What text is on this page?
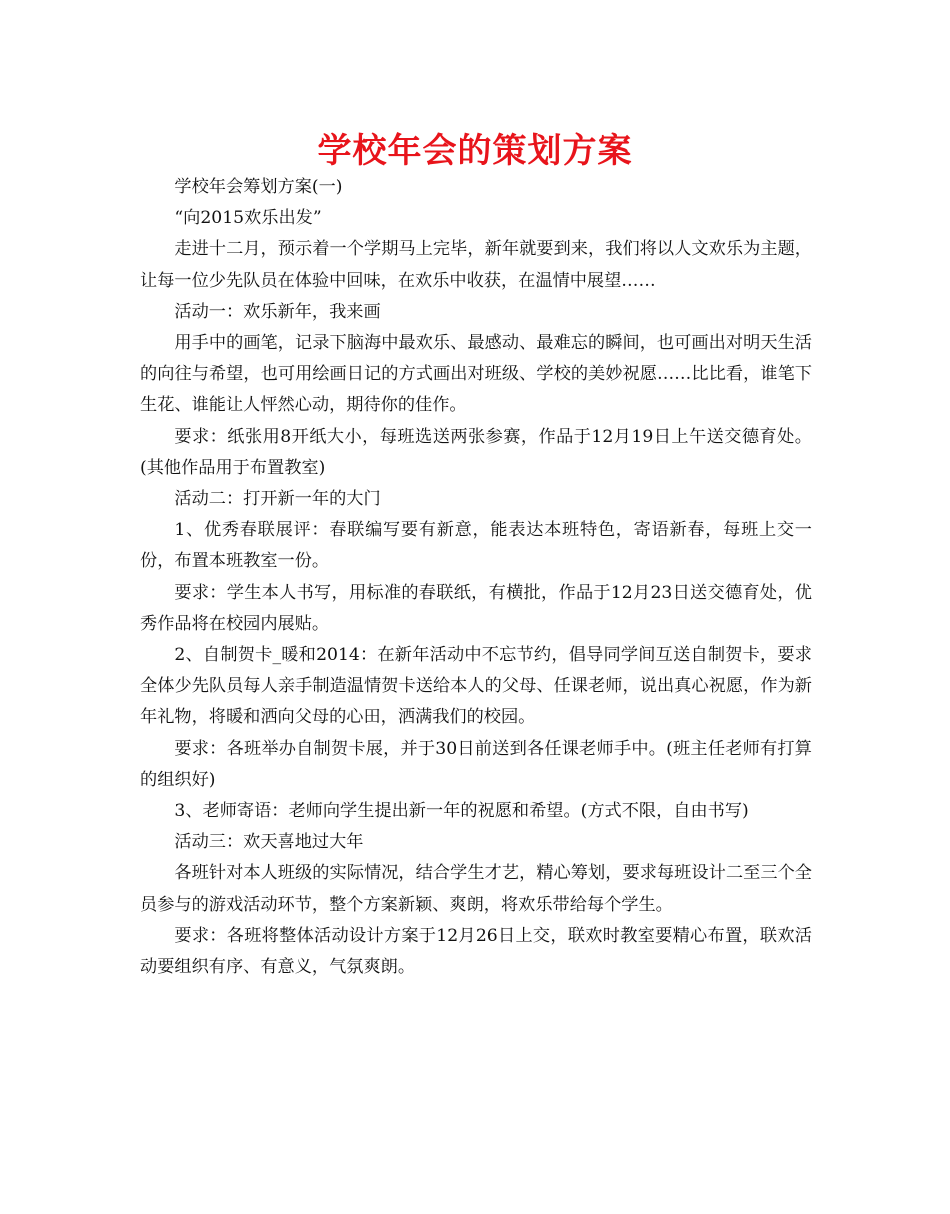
学校年会的策划方案

学校年会筹划方案(一)

“向2015欢乐出发”

走进十二月，预示着一个学期马上完毕，新年就要到来，我们将以人文欢乐为主题，让每一位少先队员在体验中回味，在欢乐中收获，在温情中展望……

活动一：欢乐新年，我来画

用手中的画笔，记录下脑海中最欢乐、最感动、最难忘的瞬间，也可画出对明天生活的向往与希望，也可用绘画日记的方式画出对班级、学校的美妙祝愿……比比看，谁笔下生花、谁能让人怦然心动，期待你的佳作。

要求：纸张用8开纸大小，每班选送两张参赛，作品于12月19日上午送交德育处。(其他作品用于布置教室)

活动二：打开新一年的大门

1、优秀春联展评：春联编写要有新意，能表达本班特色，寄语新春，每班上交一份，布置本班教室一份。

要求：学生本人书写，用标准的春联纸，有横批，作品于12月23日送交德育处，优秀作品将在校园内展贴。

2、自制贺卡_暖和2014：在新年活动中不忘节约，倡导同学间互送自制贺卡，要求全体少先队员每人亲手制造温情贺卡送给本人的父母、任课老师，说出真心祝愿，作为新年礼物，将暖和洒向父母的心田，洒满我们的校园。

要求：各班举办自制贺卡展，并于30日前送到各任课老师手中。(班主任老师有打算的组织好)

3、老师寄语：老师向学生提出新一年的祝愿和希望。(方式不限，自由书写)

活动三：欢天喜地过大年

各班针对本人班级的实际情况，结合学生才艺，精心筹划，要求每班设计二至三个全员参与的游戏活动环节，整个方案新颖、爽朗，将欢乐带给每个学生。

要求：各班将整体活动设计方案于12月26日上交，联欢时教室要精心布置，联欢活动要组织有序、有意义，气氛爽朗。
